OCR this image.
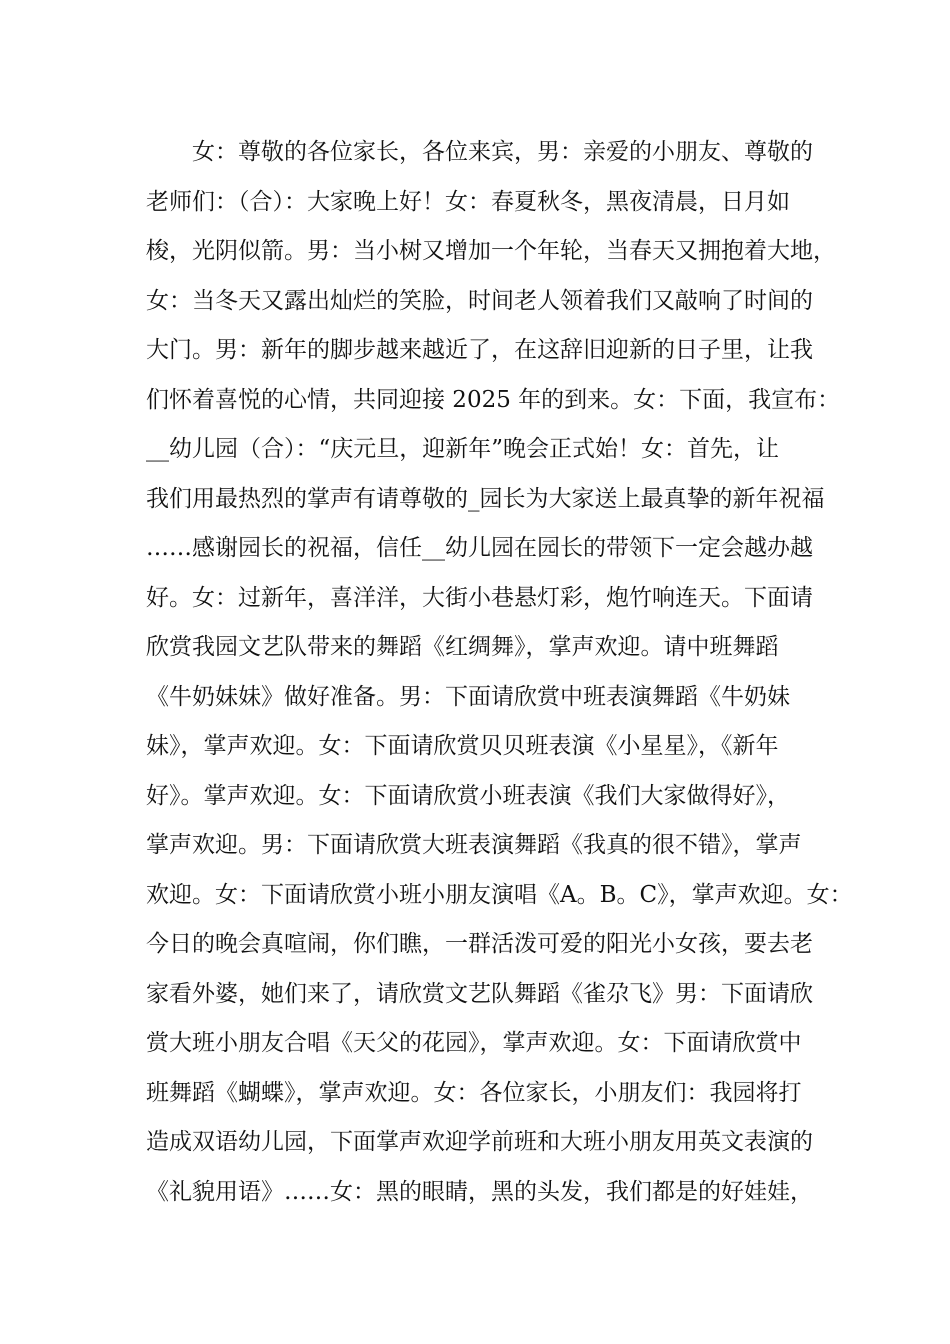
女：尊敬的各位家长，各位来宾，男：亲爱的小朋友、尊敬的
老师们：（合）：大家晚上好！女：春夏秋冬，黑夜清晨，日月如
梭，光阴似箭。男：当小树又增加一个年轮，当春天又拥抱着大地，
女：当冬天又露出灿烂的笑脸，时间老人领着我们又敲响了时间的
大门。男：新年的脚步越来越近了，在这辞旧迎新的日子里，让我
们怀着喜悦的心情，共同迎接 2025 年的到来。女：下面，我宣布：
__幼儿园（合）：“庆元旦，迎新年”晚会正式始！女：首先，让
我们用最热烈的掌声有请尊敬的_园长为大家送上最真挚的新年祝福
……感谢园长的祝福，信任__幼儿园在园长的带领下一定会越办越
好。女：过新年，喜洋洋，大街小巷悬灯彩，炮竹响连天。下面请
欣赏我园文艺队带来的舞蹈《红绸舞》，掌声欢迎。请中班舞蹈
《牛奶妹妹》做好准备。男：下面请欣赏中班表演舞蹈《牛奶妹
妹》，掌声欢迎。女：下面请欣赏贝贝班表演《小星星》，《新年
好》。掌声欢迎。女：下面请欣赏小班表演《我们大家做得好》，
掌声欢迎。男：下面请欣赏大班表演舞蹈《我真的很不错》，掌声
欢迎。女：下面请欣赏小班小朋友演唱《A。B。C》，掌声欢迎。女：
今日的晚会真喧闹，你们瞧，一群活泼可爱的阳光小女孩，要去老
家看外婆，她们来了，请欣赏文艺队舞蹈《雀尕飞》男：下面请欣
赏大班小朋友合唱《天父的花园》，掌声欢迎。女：下面请欣赏中
班舞蹈《蝴蝶》，掌声欢迎。女：各位家长，小朋友们：我园将打
造成双语幼儿园，下面掌声欢迎学前班和大班小朋友用英文表演的
《礼貌用语》……女：黑的眼睛，黑的头发，我们都是的好娃娃，
